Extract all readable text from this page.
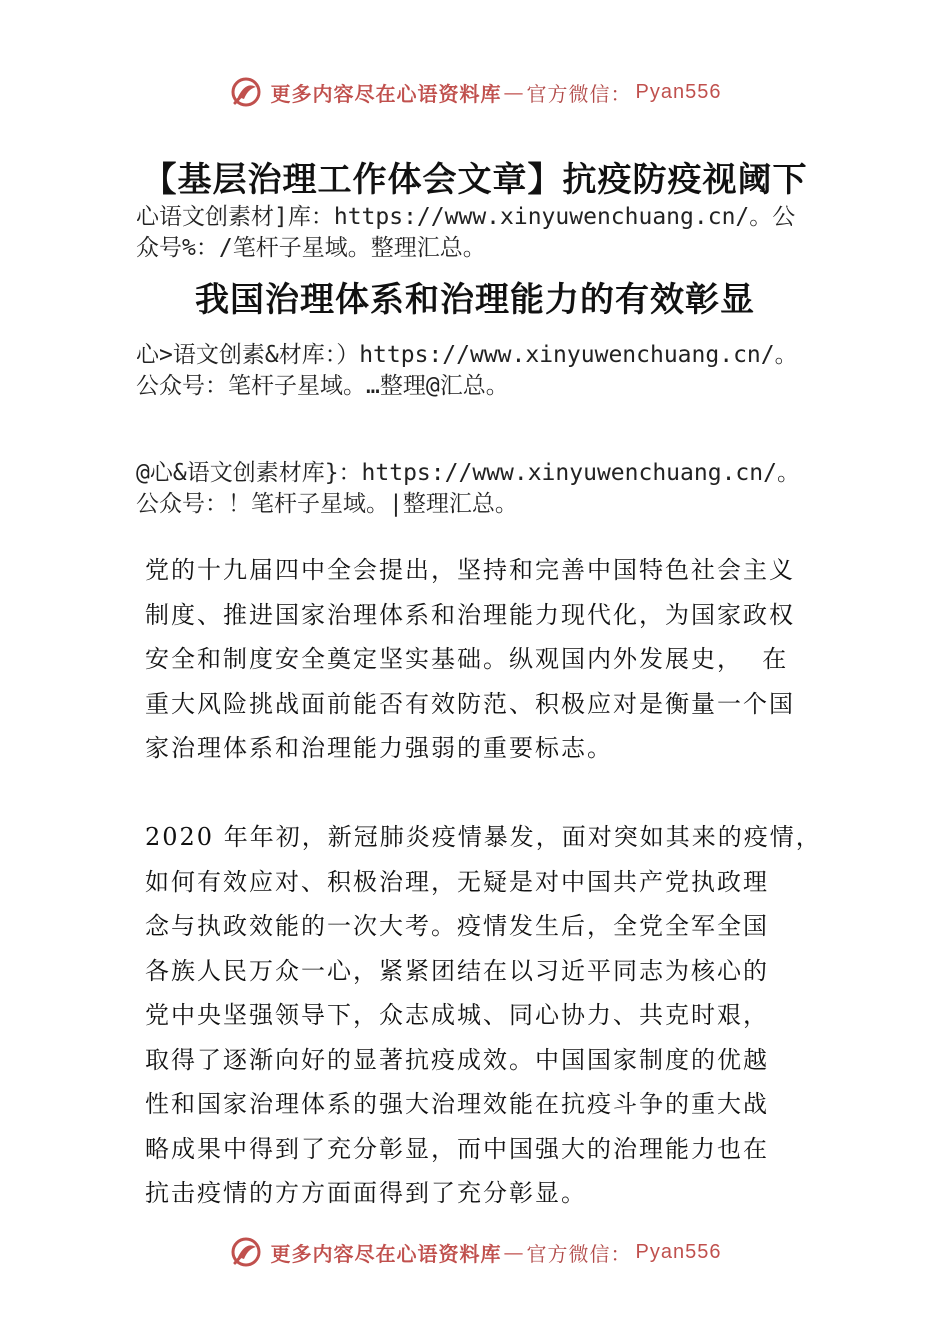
更多内容尽在心语资料库 — 官方微信： Pyan556
【基层治理工作体会文章】抗疫防疫视阈下
心语文创素材]库：https://www.xinyuwenchuang.cn/。公
众号%：/笔杆子星域。整理汇总。
我国治理体系和治理能力的有效彰显
心>语文创素&材库：）https://www.xinyuwenchuang.cn/。
公众号：笔杆子星域。…整理@汇总。
@心&语文创素材库}：https://www.xinyuwenchuang.cn/。
公众号：！笔杆子星域。|整理汇总。
党的十九届四中全会提出，坚持和完善中国特色社会主义
制度、推进国家治理体系和治理能力现代化，为国家政权
安全和制度安全奠定坚实基础。纵观国内外发展史，  在
重大风险挑战面前能否有效防范、积极应对是衡量一个国
家治理体系和治理能力强弱的重要标志。
2020 年年初，新冠肺炎疫情暴发，面对突如其来的疫情，
如何有效应对、积极治理，无疑是对中国共产党执政理
念与执政效能的一次大考。疫情发生后，全党全军全国
各族人民万众一心，紧紧团结在以习近平同志为核心的
党中央坚强领导下，众志成城、同心协力、共克时艰，
取得了逐渐向好的显著抗疫成效。中国国家制度的优越
性和国家治理体系的强大治理效能在抗疫斗争的重大战
略成果中得到了充分彰显，而中国强大的治理能力也在
抗击疫情的方方面面得到了充分彰显。
更多内容尽在心语资料库 — 官方微信： Pyan556
